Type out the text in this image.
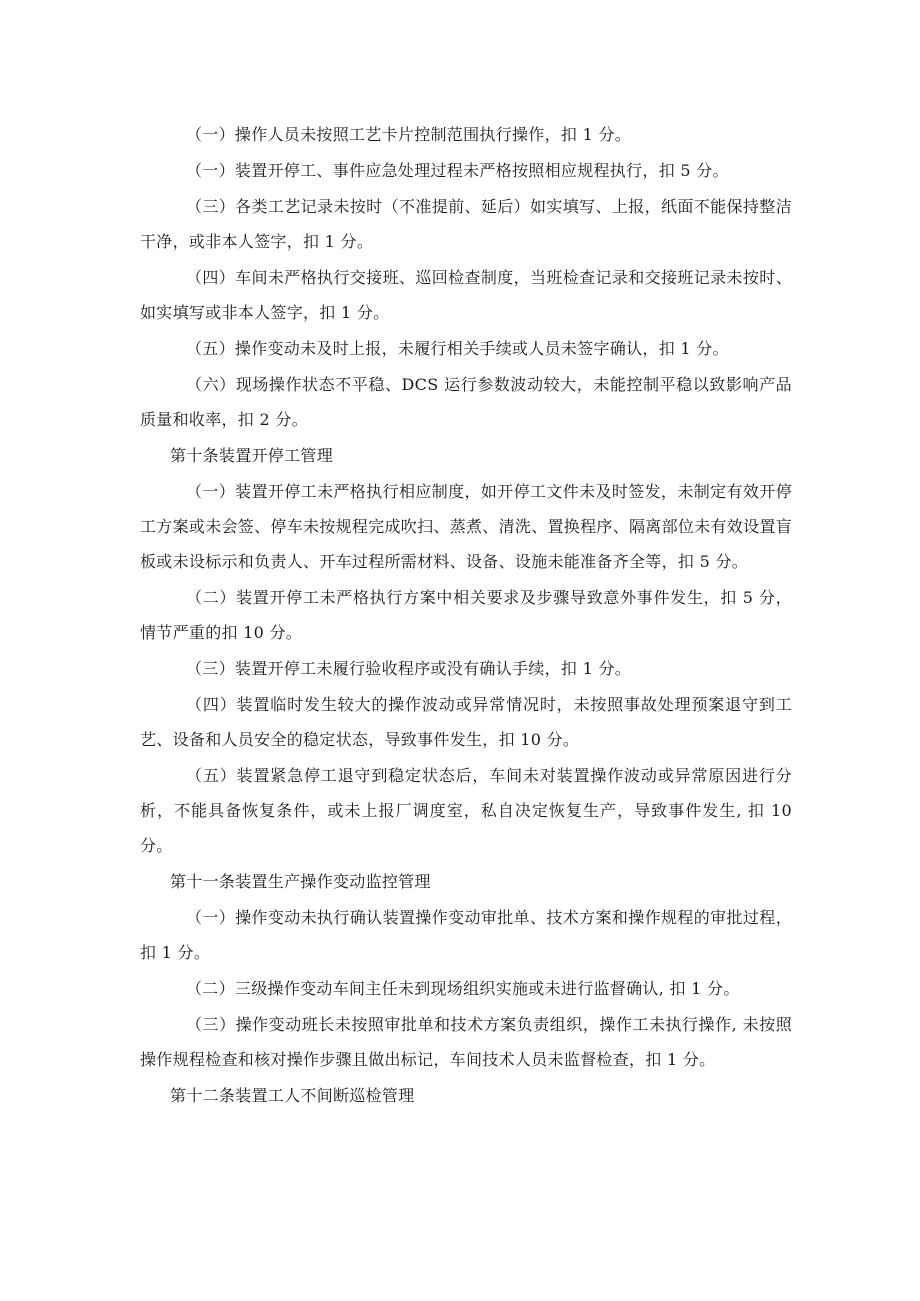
（一）操作人员未按照工艺卡片控制范围执行操作，扣 1 分。

（一）装置开停工、事件应急处理过程未严格按照相应规程执行，扣 5 分。

（三）各类工艺记录未按时（不准提前、延后）如实填写、上报，纸面不能保持整洁干净，或非本人签字，扣 1 分。

（四）车间未严格执行交接班、巡回检查制度，当班检查记录和交接班记录未按时、如实填写或非本人签字，扣 1 分。

（五）操作变动未及时上报，未履行相关手续或人员未签字确认，扣 1 分。

（六）现场操作状态不平稳、DCS 运行参数波动较大，未能控制平稳以致影响产品质量和收率，扣 2 分。

第十条装置开停工管理

（一）装置开停工未严格执行相应制度，如开停工文件未及时签发，未制定有效开停工方案或未会签、停车未按规程完成吹扫、蒸煮、清洗、置换程序、隔离部位未有效设置盲板或未设标示和负责人、开车过程所需材料、设备、设施未能准备齐全等，扣 5 分。

（二）装置开停工未严格执行方案中相关要求及步骤导致意外事件发生，扣 5 分，情节严重的扣 10 分。

（三）装置开停工未履行验收程序或没有确认手续，扣 1 分。

（四）装置临时发生较大的操作波动或异常情况时，未按照事故处理预案退守到工艺、设备和人员安全的稳定状态，导致事件发生，扣 10 分。

（五）装置紧急停工退守到稳定状态后，车间未对装置操作波动或异常原因进行分析，不能具备恢复条件，或未上报厂调度室，私自决定恢复生产，导致事件发生, 扣 10 分。

第十一条装置生产操作变动监控管理

（一）操作变动未执行确认装置操作变动审批单、技术方案和操作规程的审批过程，扣 1 分。

（二）三级操作变动车间主任未到现场组织实施或未进行监督确认, 扣 1 分。

（三）操作变动班长未按照审批单和技术方案负责组织，操作工未执行操作, 未按照操作规程检查和核对操作步骤且做出标记，车间技术人员未监督检查，扣 1 分。

第十二条装置工人不间断巡检管理
